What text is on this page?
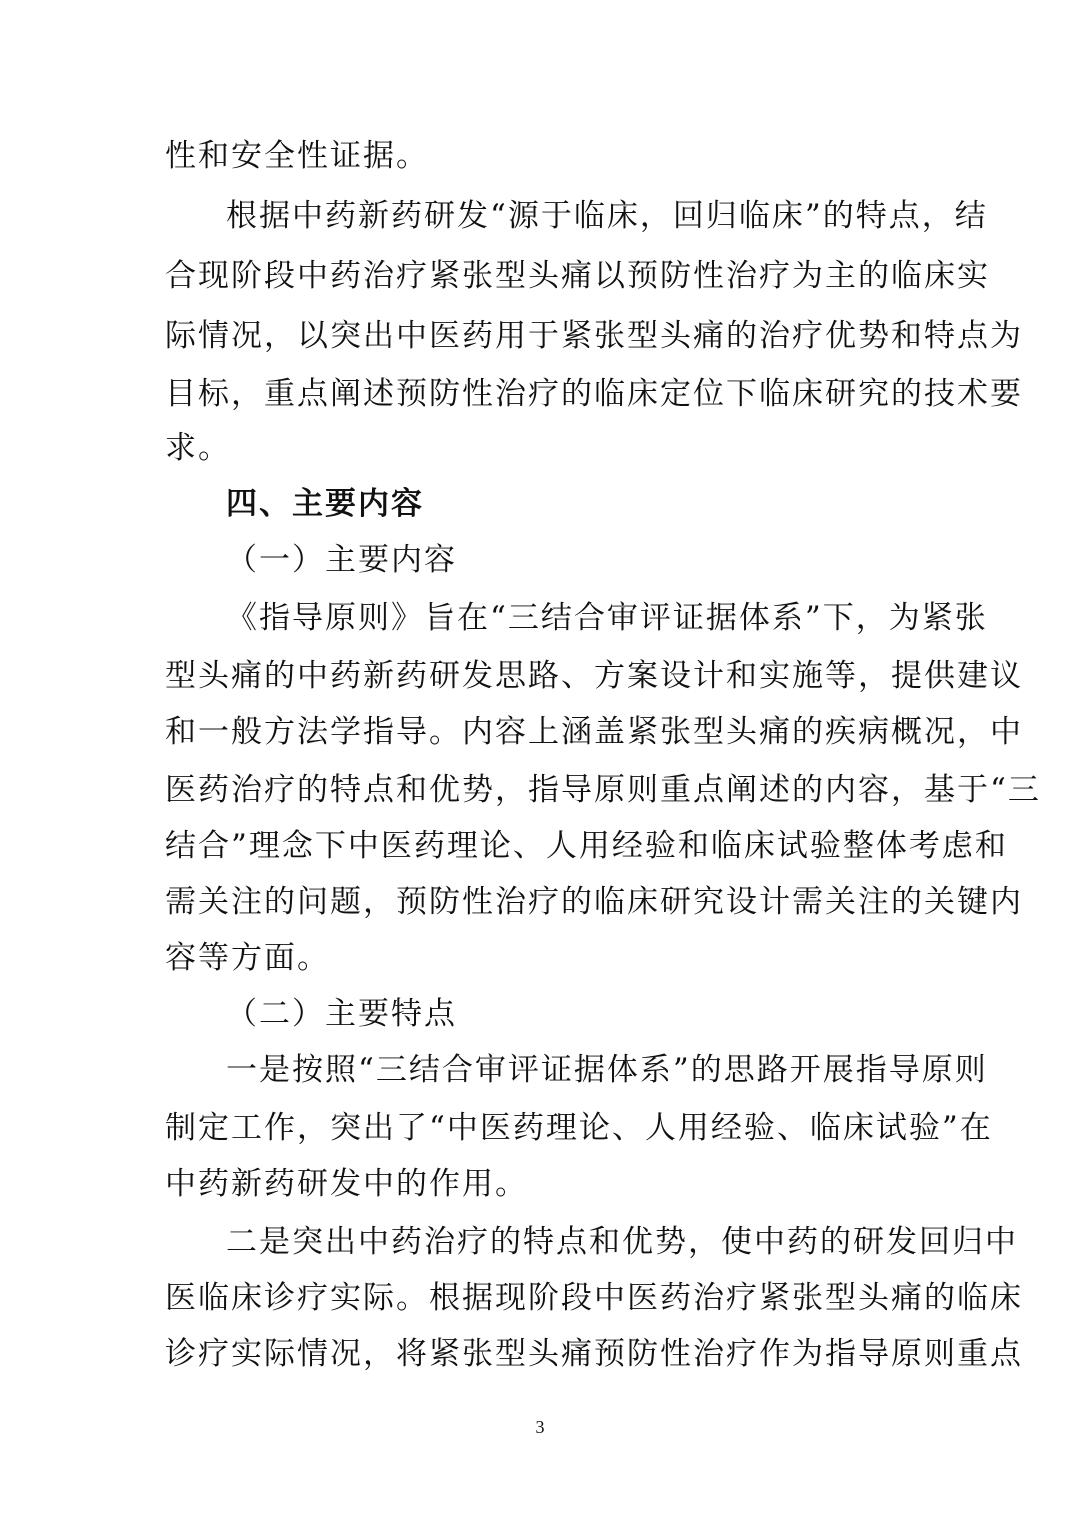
性和安全性证据。
根据中药新药研发“源于临床，回归临床”的特点，结
合现阶段中药治疗紧张型头痛以预防性治疗为主的临床实
际情况，以突出中医药用于紧张型头痛的治疗优势和特点为
目标，重点阐述预防性治疗的临床定位下临床研究的技术要
求。
四、主要内容
（一）主要内容
《指导原则》旨在“三结合审评证据体系”下，为紧张
型头痛的中药新药研发思路、方案设计和实施等，提供建议
和一般方法学指导。内容上涵盖紧张型头痛的疾病概况，中
医药治疗的特点和优势，指导原则重点阐述的内容，基于“三
结合”理念下中医药理论、人用经验和临床试验整体考虑和
需关注的问题，预防性治疗的临床研究设计需关注的关键内
容等方面。
（二）主要特点
一是按照“三结合审评证据体系”的思路开展指导原则
制定工作，突出了“中医药理论、人用经验、临床试验”在
中药新药研发中的作用。
二是突出中药治疗的特点和优势，使中药的研发回归中
医临床诊疗实际。根据现阶段中医药治疗紧张型头痛的临床
诊疗实际情况，将紧张型头痛预防性治疗作为指导原则重点
3
